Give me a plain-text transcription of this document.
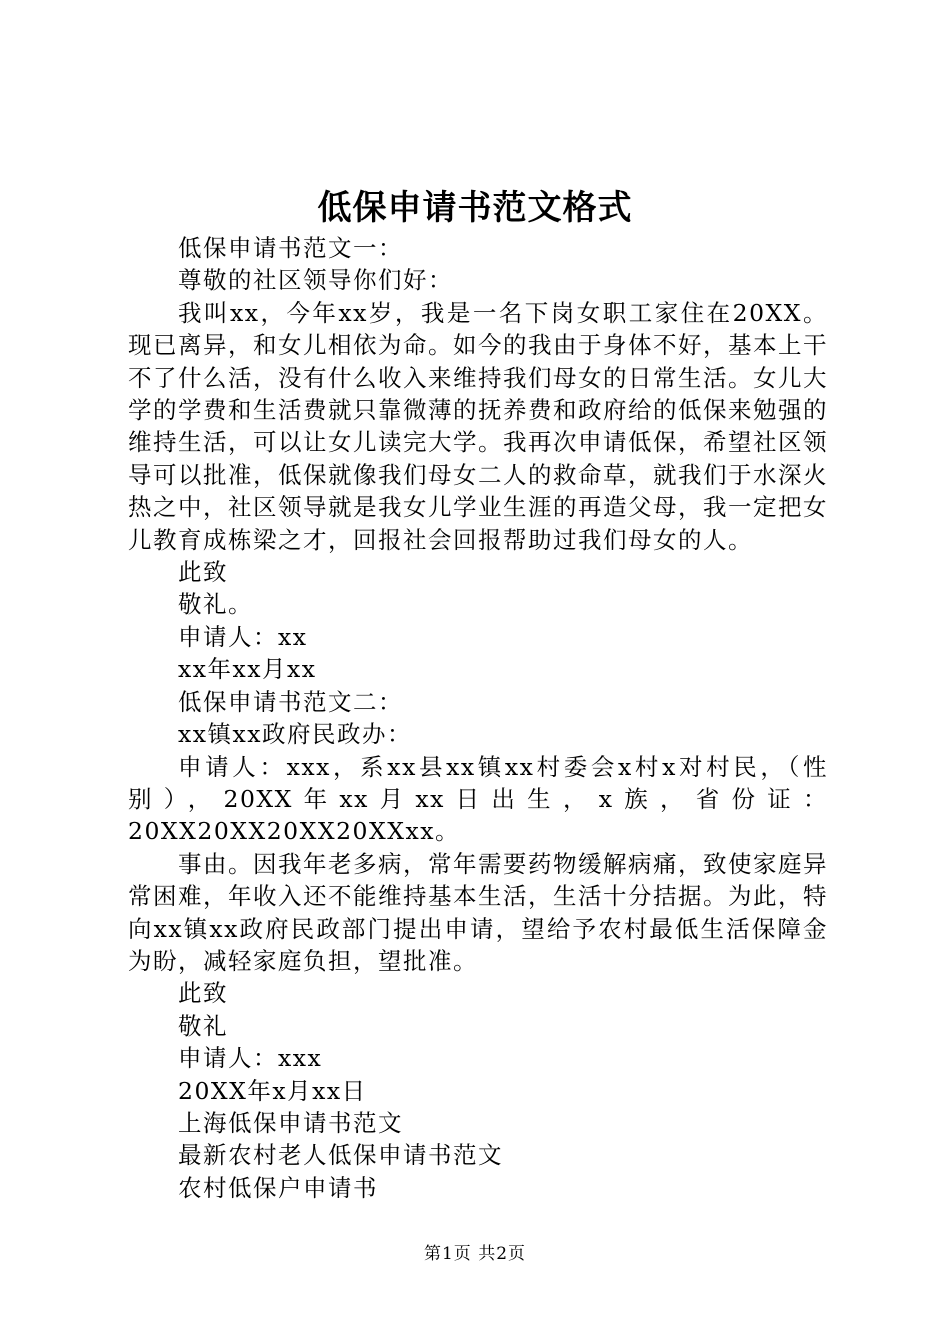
低保申请书范文格式

低保申请书范文一：

尊敬的社区领导你们好：

我叫xx，今年xx岁，我是一名下岗女职工家住在20XX。现已离异，和女儿相依为命。如今的我由于身体不好，基本上干不了什么活，没有什么收入来维持我们母女的日常生活。女儿大学的学费和生活费就只靠微薄的抚养费和政府给的低保来勉强的维持生活，可以让女儿读完大学。我再次申请低保，希望社区领导可以批准，低保就像我们母女二人的救命草，就我们于水深火热之中，社区领导就是我女儿学业生涯的再造父母，我一定把女儿教育成栋梁之才，回报社会回报帮助过我们母女的人。

此致

敬礼。

申请人：xx

xx年xx月xx

低保申请书范文二：

xx镇xx政府民政办：

申请人：xxx，系xx县xx镇xx村委会x村x对村民，（性别），20XX年xx月xx日出生，x族，省份证：

20XX20XX20XX20XXxx。

事由。因我年老多病，常年需要药物缓解病痛，致使家庭异常困难，年收入还不能维持基本生活，生活十分拮据。为此，特向xx镇xx政府民政部门提出申请，望给予农村最低生活保障金为盼，减轻家庭负担，望批准。

此致

敬礼

申请人：xxx

20XX年x月xx日

上海低保申请书范文

最新农村老人低保申请书范文

农村低保户申请书

第1页 共2页
